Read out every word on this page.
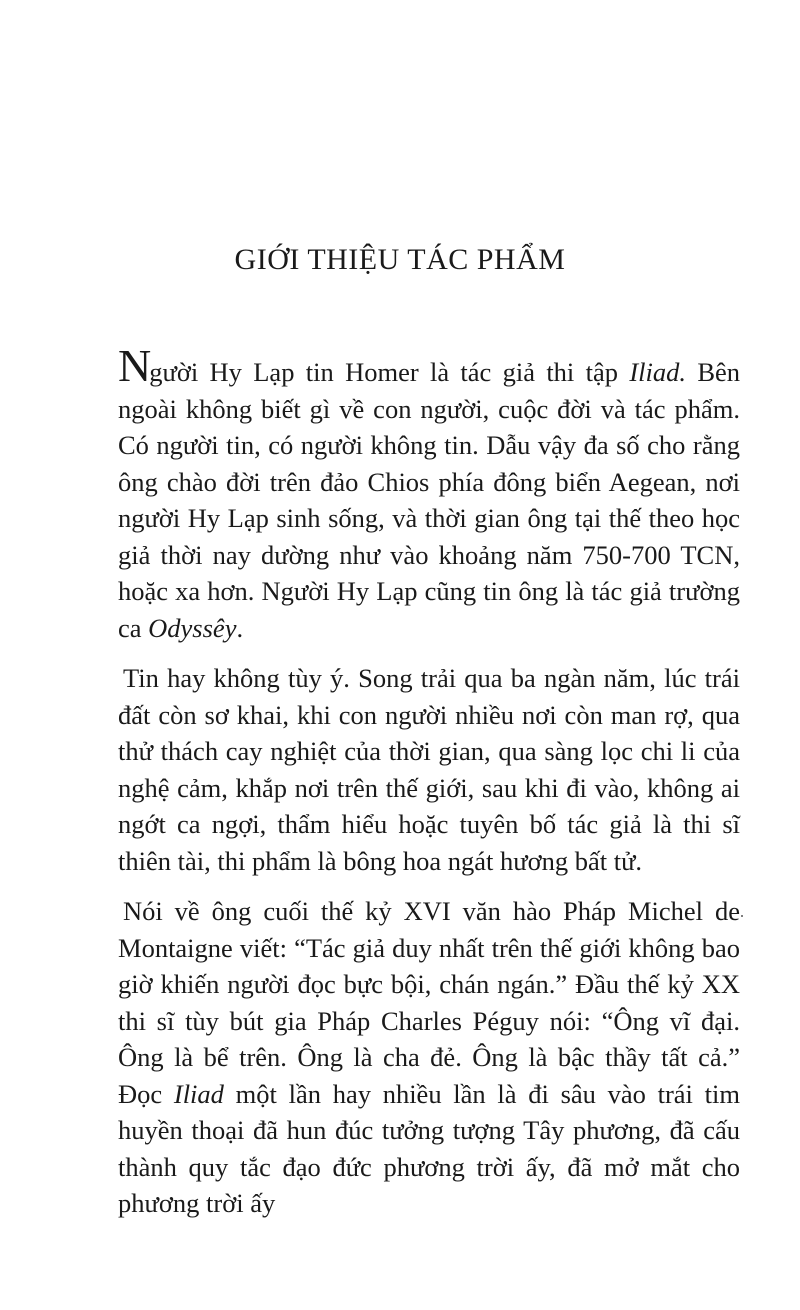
GIỚI THIỆU TÁC PHẨM

Người Hy Lạp tin Homer là tác giả thi tập Iliad. Bên ngoài không biết gì về con người, cuộc đời và tác phẩm. Có người tin, có người không tin. Dẫu vậy đa số cho rằng ông chào đời trên đảo Chios phía đông biển Aegean, nơi người Hy Lạp sinh sống, và thời gian ông tại thế theo học giả thời nay dường như vào khoảng năm 750-700 TCN, hoặc xa hơn. Người Hy Lạp cũng tin ông là tác giả trường ca Odyssêy.

Tin hay không tùy ý. Song trải qua ba ngàn năm, lúc trái đất còn sơ khai, khi con người nhiều nơi còn man rợ, qua thử thách cay nghiệt của thời gian, qua sàng lọc chi li của nghệ cảm, khắp nơi trên thế giới, sau khi đi vào, không ai ngớt ca ngợi, thẩm hiểu hoặc tuyên bố tác giả là thi sĩ thiên tài, thi phẩm là bông hoa ngát hương bất tử.

Nói về ông cuối thế kỷ XVI văn hào Pháp Michel de Montaigne viết: “Tác giả duy nhất trên thế giới không bao giờ khiến người đọc bực bội, chán ngán.” Đầu thế kỷ XX thi sĩ tùy bút gia Pháp Charles Péguy nói: “Ông vĩ đại. Ông là bể trên. Ông là cha đẻ. Ông là bậc thầy tất cả.” Đọc Iliad một lần hay nhiều lần là đi sâu vào trái tim huyền thoại đã hun đúc tưởng tượng Tây phương, đã cấu thành quy tắc đạo đức phương trời ấy, đã mở mắt cho phương trời ấy
